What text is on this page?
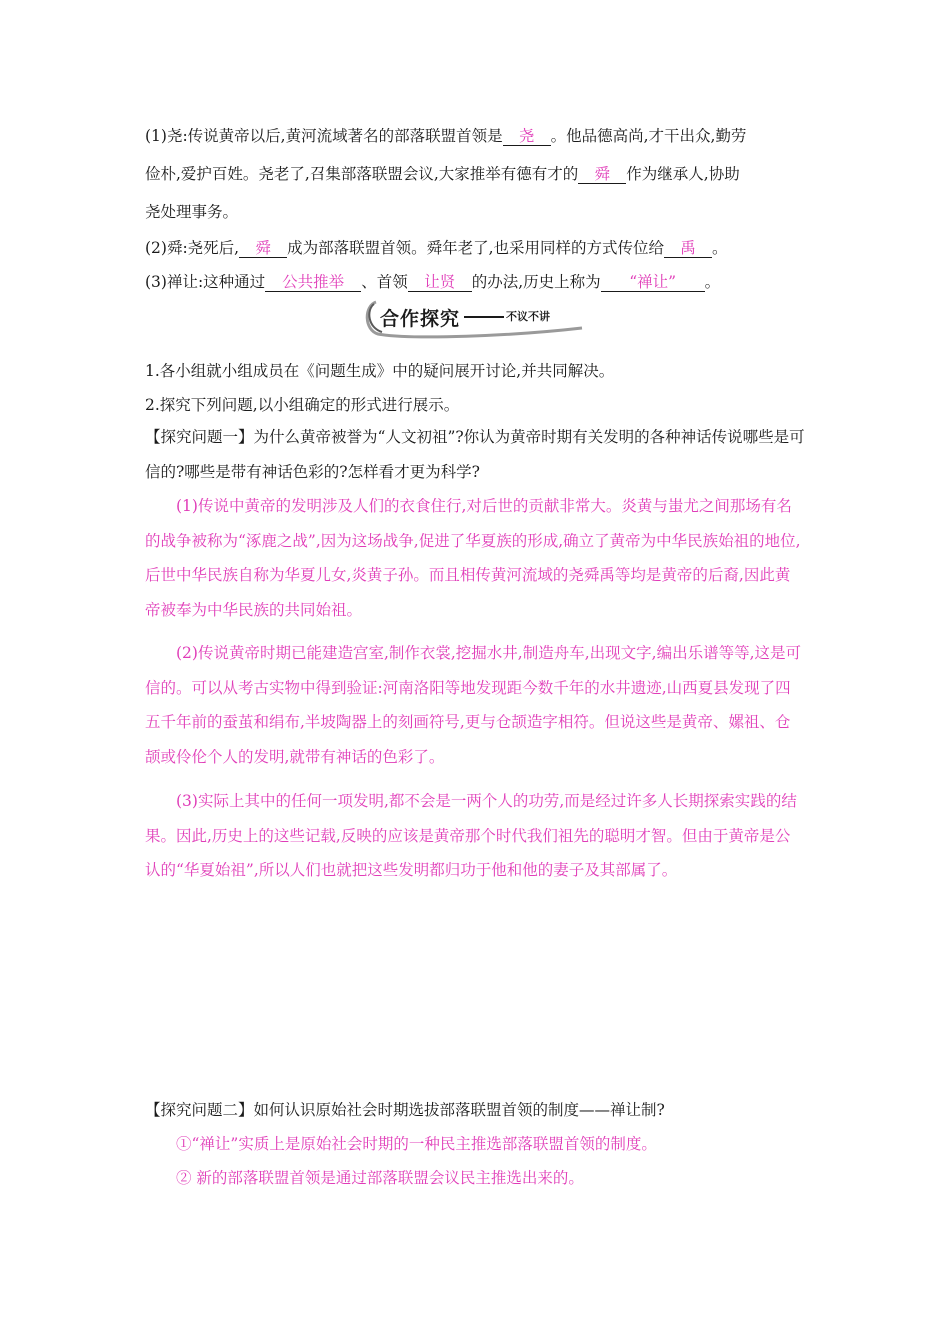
(1)尧:传说黄帝以后,黄河流域著名的部落联盟首领是 尧 。他品德高尚,才干出众,勤劳
俭朴,爱护百姓。尧老了,召集部落联盟会议,大家推举有德有才的 舜 作为继承人,协助
尧处理事务。
(2)舜:尧死后, 舜 成为部落联盟首领。舜年老了,也采用同样的方式传位给 禹 。
(3)禅让:这种通过 公共推举 、首领 让贤 的办法,历史上称为 “禅让” 。
合作探究	不议不讲
1.各小组就小组成员在《问题生成》中的疑问展开讨论,并共同解决。
2.探究下列问题,以小组确定的形式进行展示。
【探究问题一】为什么黄帝被誉为“人文初祖”?你认为黄帝时期有关发明的各种神话传说哪些是可信的?哪些是带有神话色彩的?怎样看才更为科学?
(1)传说中黄帝的发明涉及人们的衣食住行,对后世的贡献非常大。炎黄与蚩尤之间那场有名的战争被称为“涿鹿之战”,因为这场战争,促进了华夏族的形成,确立了黄帝为中华民族始祖的地位,后世中华民族自称为华夏儿女,炎黄子孙。而且相传黄河流域的尧舜禹等均是黄帝的后裔,因此黄帝被奉为中华民族的共同始祖。
(2)传说黄帝时期已能建造宫室,制作衣裳,挖掘水井,制造舟车,出现文字,编出乐谱等等,这是可信的。可以从考古实物中得到验证:河南洛阳等地发现距今数千年的水井遗迹,山西夏县发现了四五千年前的蚕茧和绢布,半坡陶器上的刻画符号,更与仓颉造字相符。但说这些是黄帝、嫘祖、仓颉或伶伦个人的发明,就带有神话的色彩了。
(3)实际上其中的任何一项发明,都不会是一两个人的功劳,而是经过许多人长期探索实践的结果。因此,历史上的这些记载,反映的应该是黄帝那个时代我们祖先的聪明才智。但由于黄帝是公认的“华夏始祖”,所以人们也就把这些发明都归功于他和他的妻子及其部属了。
【探究问题二】如何认识原始社会时期选拔部落联盟首领的制度——禅让制?
①“禅让”实质上是原始社会时期的一种民主推选部落联盟首领的制度。
② 新的部落联盟首领是通过部落联盟会议民主推选出来的。
